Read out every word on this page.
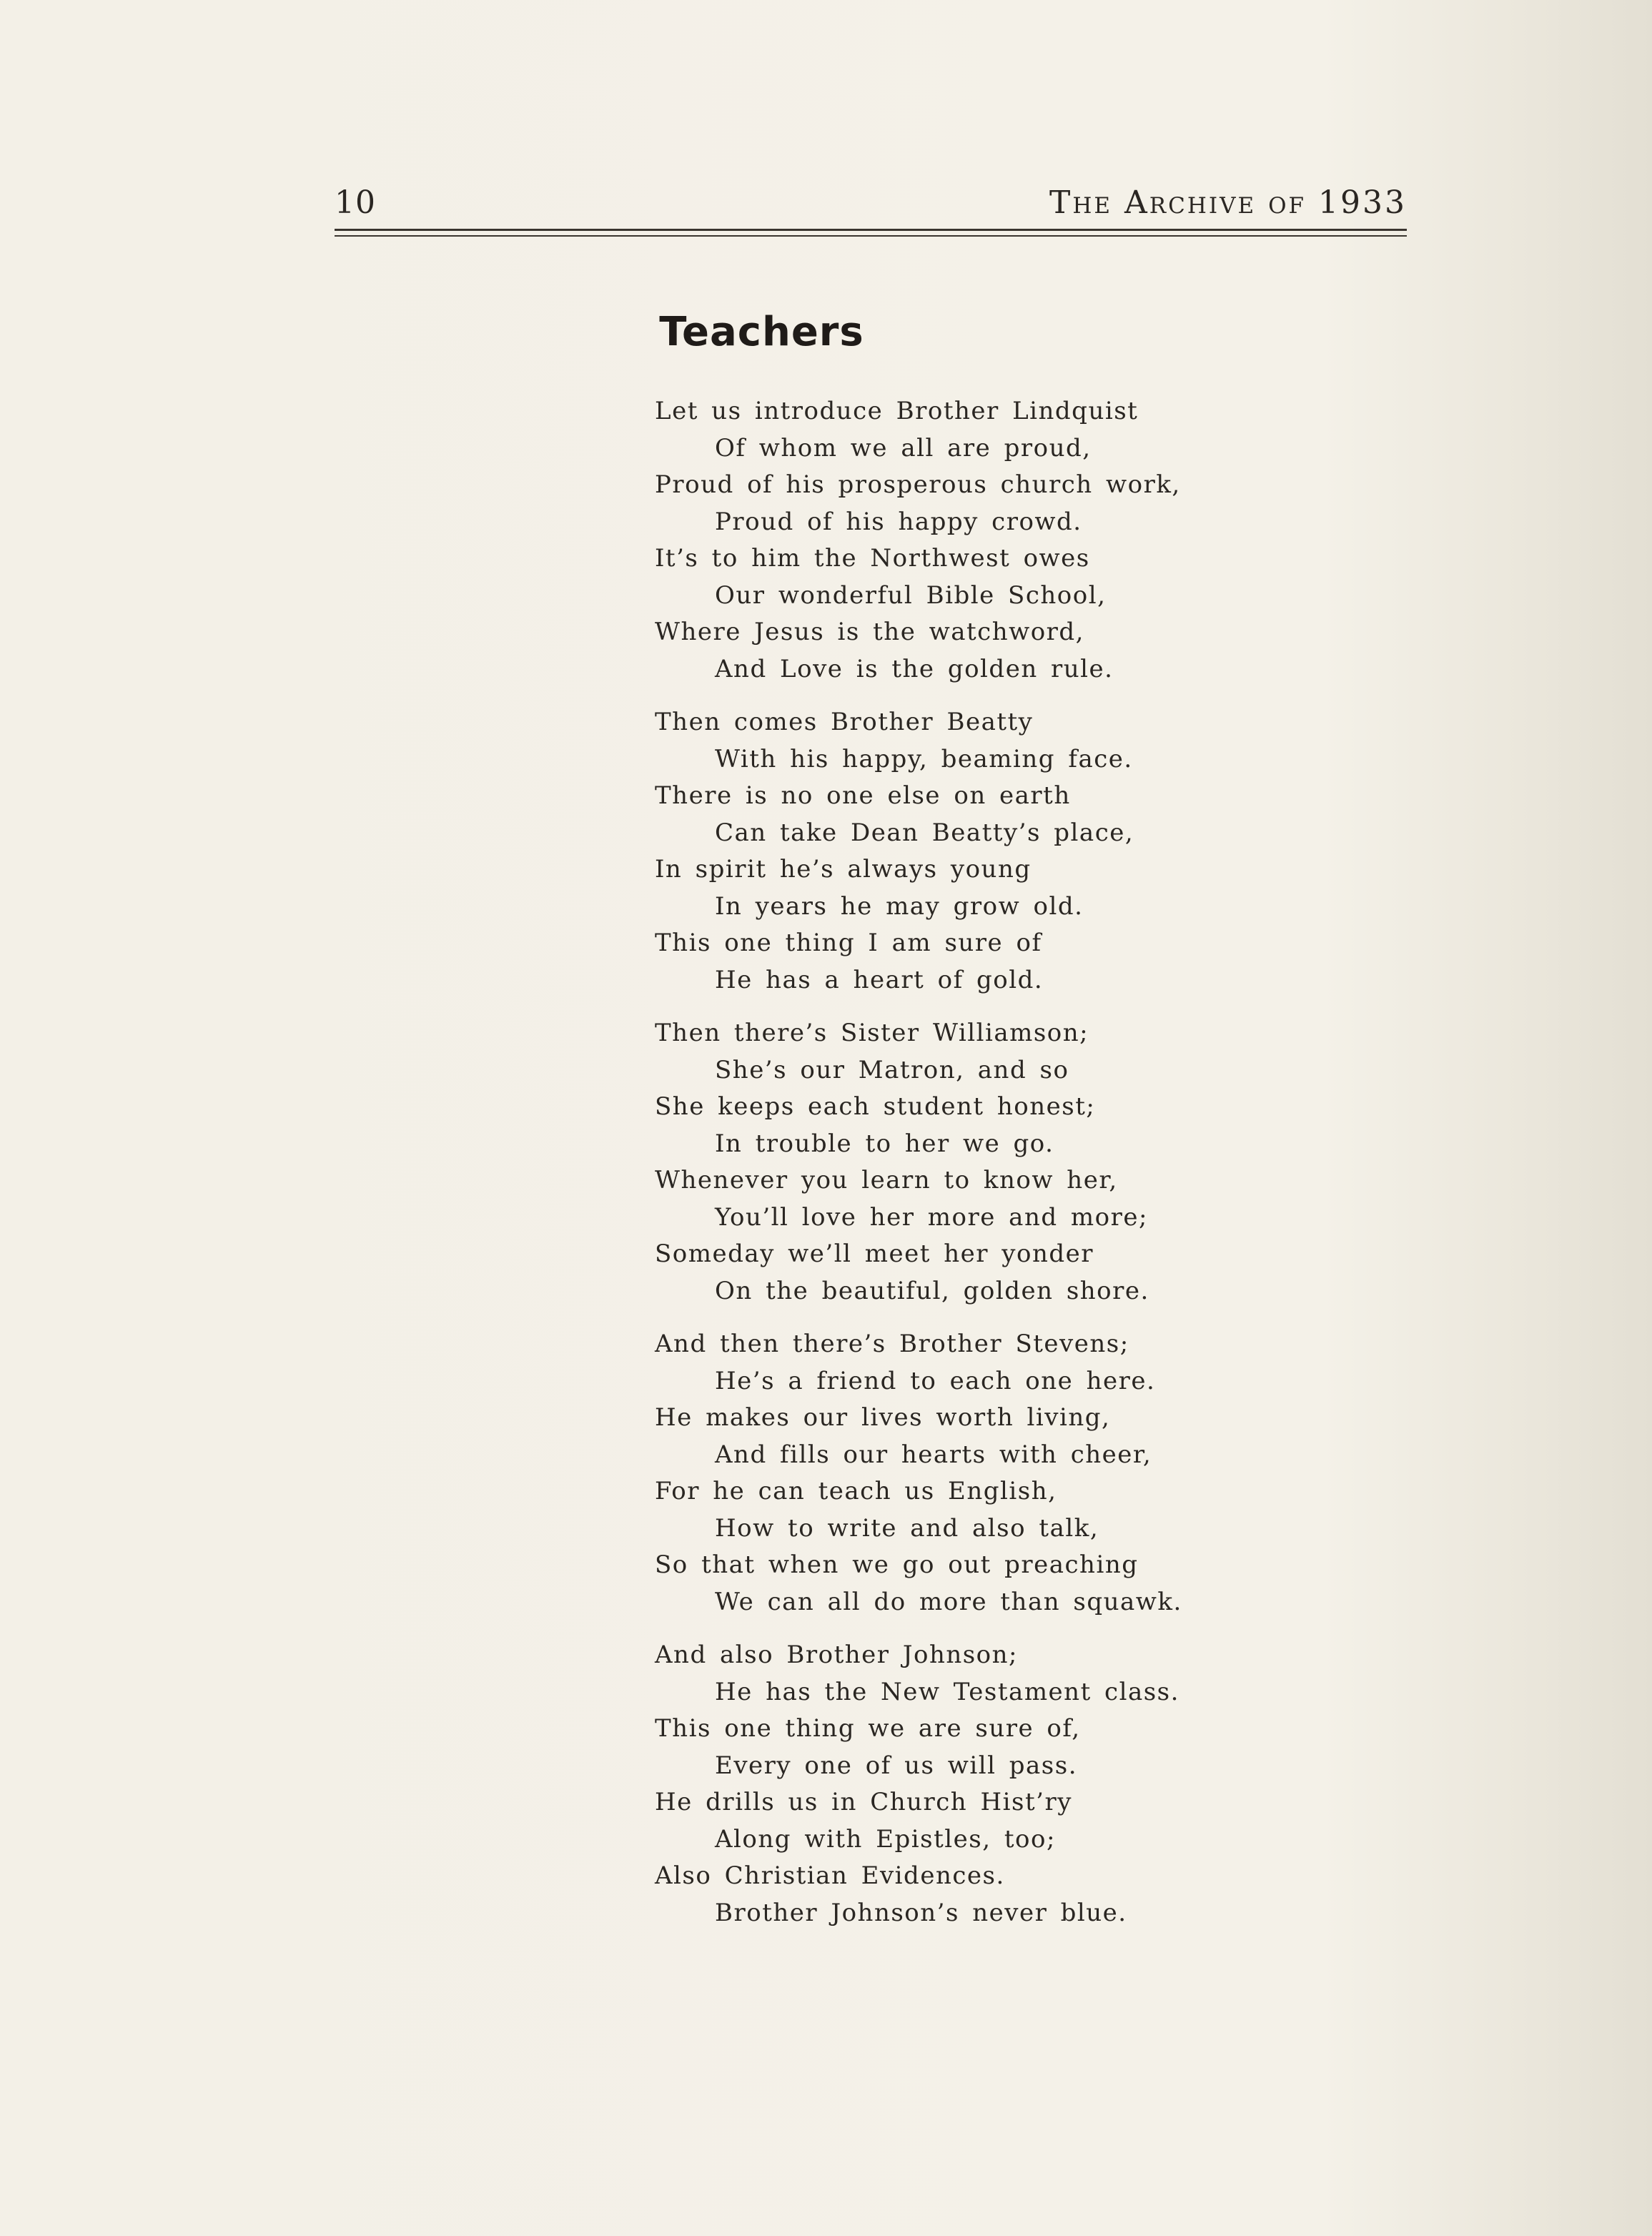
10	The Archive of 1933
Teachers
Let us introduce Brother Lindquist
Of whom we all are proud,
Proud of his prosperous church work,
Proud of his happy crowd.
It’s to him the Northwest owes
Our wonderful Bible School,
Where Jesus is the watchword,
And Love is the golden rule.
Then comes Brother Beatty
With his happy, beaming face.
There is no one else on earth
Can take Dean Beatty’s place,
In spirit he’s always young
In years he may grow old.
This one thing I am sure of
He has a heart of gold.
Then there’s Sister Williamson;
She’s our Matron, and so
She keeps each student honest;
In trouble to her we go.
Whenever you learn to know her,
You’ll love her more and more;
Someday we’ll meet her yonder
On the beautiful, golden shore.
And then there’s Brother Stevens;
He’s a friend to each one here.
He makes our lives worth living,
And fills our hearts with cheer,
For he can teach us English,
How to write and also talk,
So that when we go out preaching
We can all do more than squawk.
And also Brother Johnson;
He has the New Testament class.
This one thing we are sure of,
Every one of us will pass.
He drills us in Church Hist’ry
Along with Epistles, too;
Also Christian Evidences.
Brother Johnson’s never blue.
